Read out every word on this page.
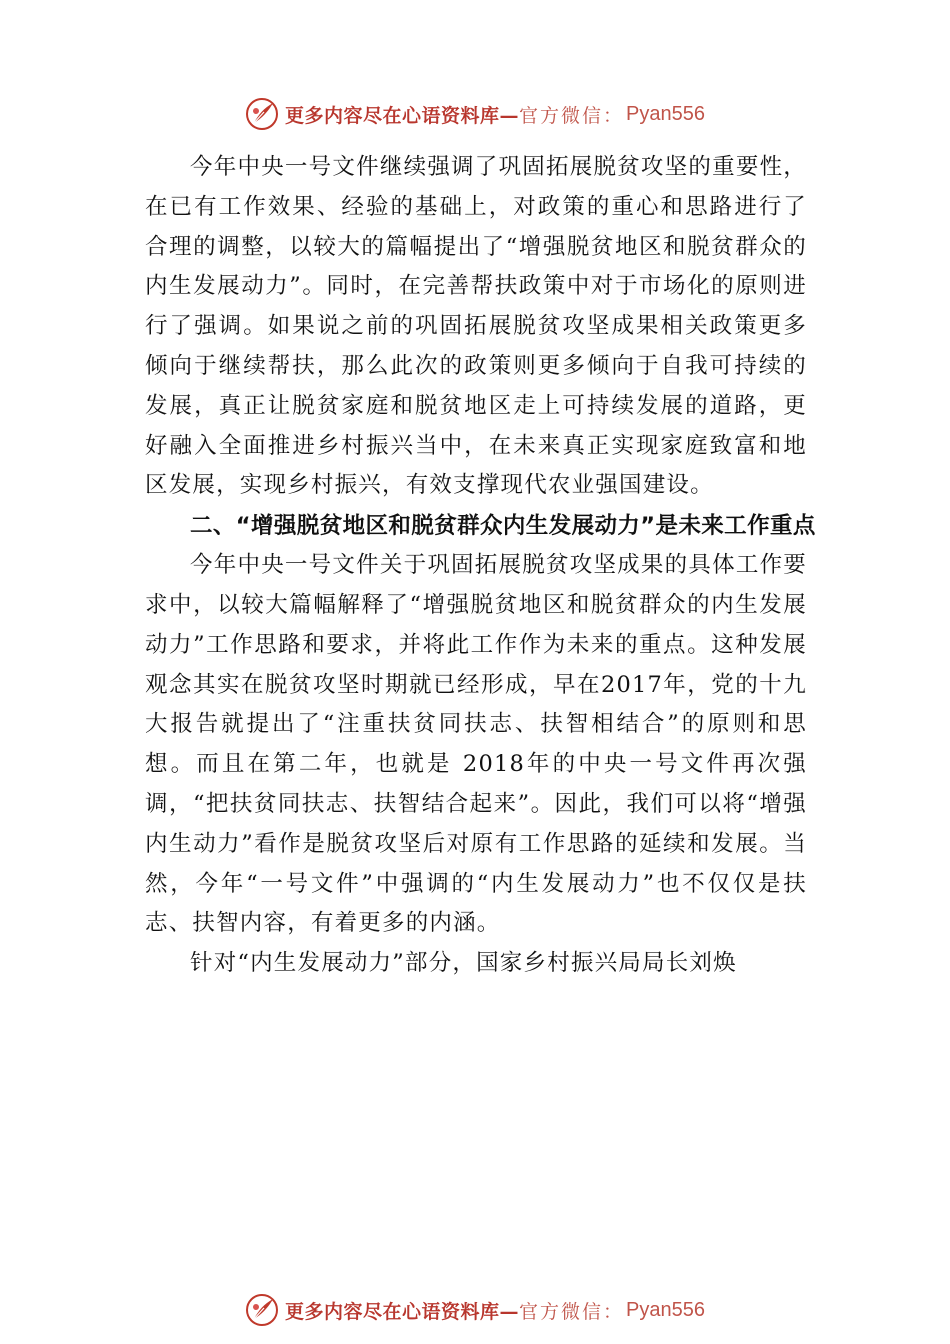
更多内容尽在心语资料库— 官方微信： Pyan556

今年中央一号文件继续强调了巩固拓展脱贫攻坚的重要性，在已有工作效果、经验的基础上，对政策的重心和思路进行了合理的调整，以较大的篇幅提出了“增强脱贫地区和脱贫群众的内生发展动力”。同时，在完善帮扶政策中对于市场化的原则进行了强调。如果说之前的巩固拓展脱贫攻坚成果相关政策更多倾向于继续帮扶，那么此次的政策则更多倾向于自我可持续的发展，真正让脱贫家庭和脱贫地区走上可持续发展的道路，更好融入全面推进乡村振兴当中，在未来真正实现家庭致富和地区发展，实现乡村振兴，有效支撑现代农业强国建设。

二、“增强脱贫地区和脱贫群众内生发展动力”是未来工作重点

今年中央一号文件关于巩固拓展脱贫攻坚成果的具体工作要求中，以较大篇幅解释了“增强脱贫地区和脱贫群众的内生发展动力”工作思路和要求，并将此工作作为未来的重点。这种发展观念其实在脱贫攻坚时期就已经形成，早在2017年，党的十九大报告就提出了“注重扶贫同扶志、扶智相结合”的原则和思想。而且在第二年，也就是 2018年的中央一号文件再次强调，“把扶贫同扶志、扶智结合起来”。因此，我们可以将“增强内生动力”看作是脱贫攻坚后对原有工作思路的延续和发展。当然，今年“一号文件”中强调的“内生发展动力”也不仅仅是扶志、扶智内容，有着更多的内涵。

针对“内生发展动力”部分，国家乡村振兴局局长刘焕

更多内容尽在心语资料库— 官方微信： Pyan556
